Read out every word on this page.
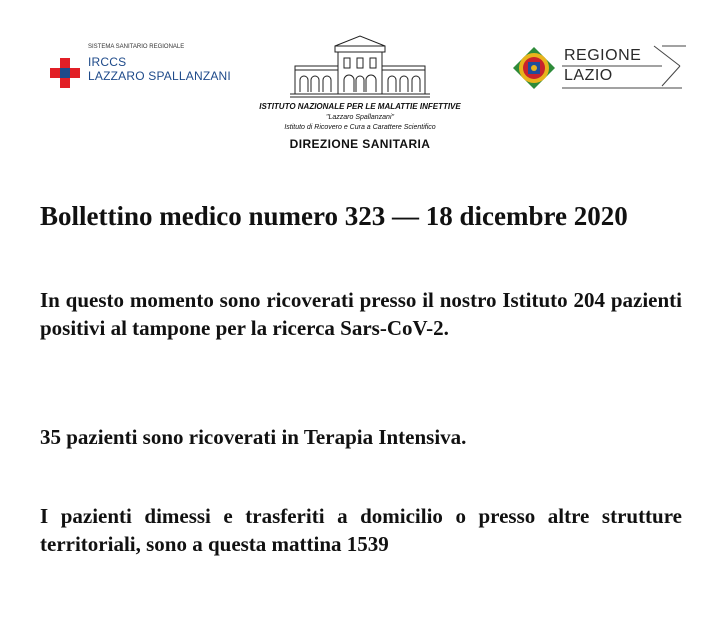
SISTEMA SANITARIO REGIONALE
IRCCS
LAZZARO SPALLANZANI
ISTITUTO NAZIONALE PER LE MALATTIE INFETTIVE
"Lazzaro Spallanzani"
Istituto di Ricovero e Cura a Carattere Scientifico
DIREZIONE SANITARIA
REGIONE
LAZIO
Bollettino medico numero 323 — 18 dicembre 2020

In questo momento sono ricoverati presso il nostro Istituto 204 pazienti positivi al tampone per la ricerca Sars-CoV-2.

35 pazienti sono ricoverati in Terapia Intensiva.

I pazienti dimessi e trasferiti a domicilio o presso altre strutture territoriali, sono a questa mattina 1539
